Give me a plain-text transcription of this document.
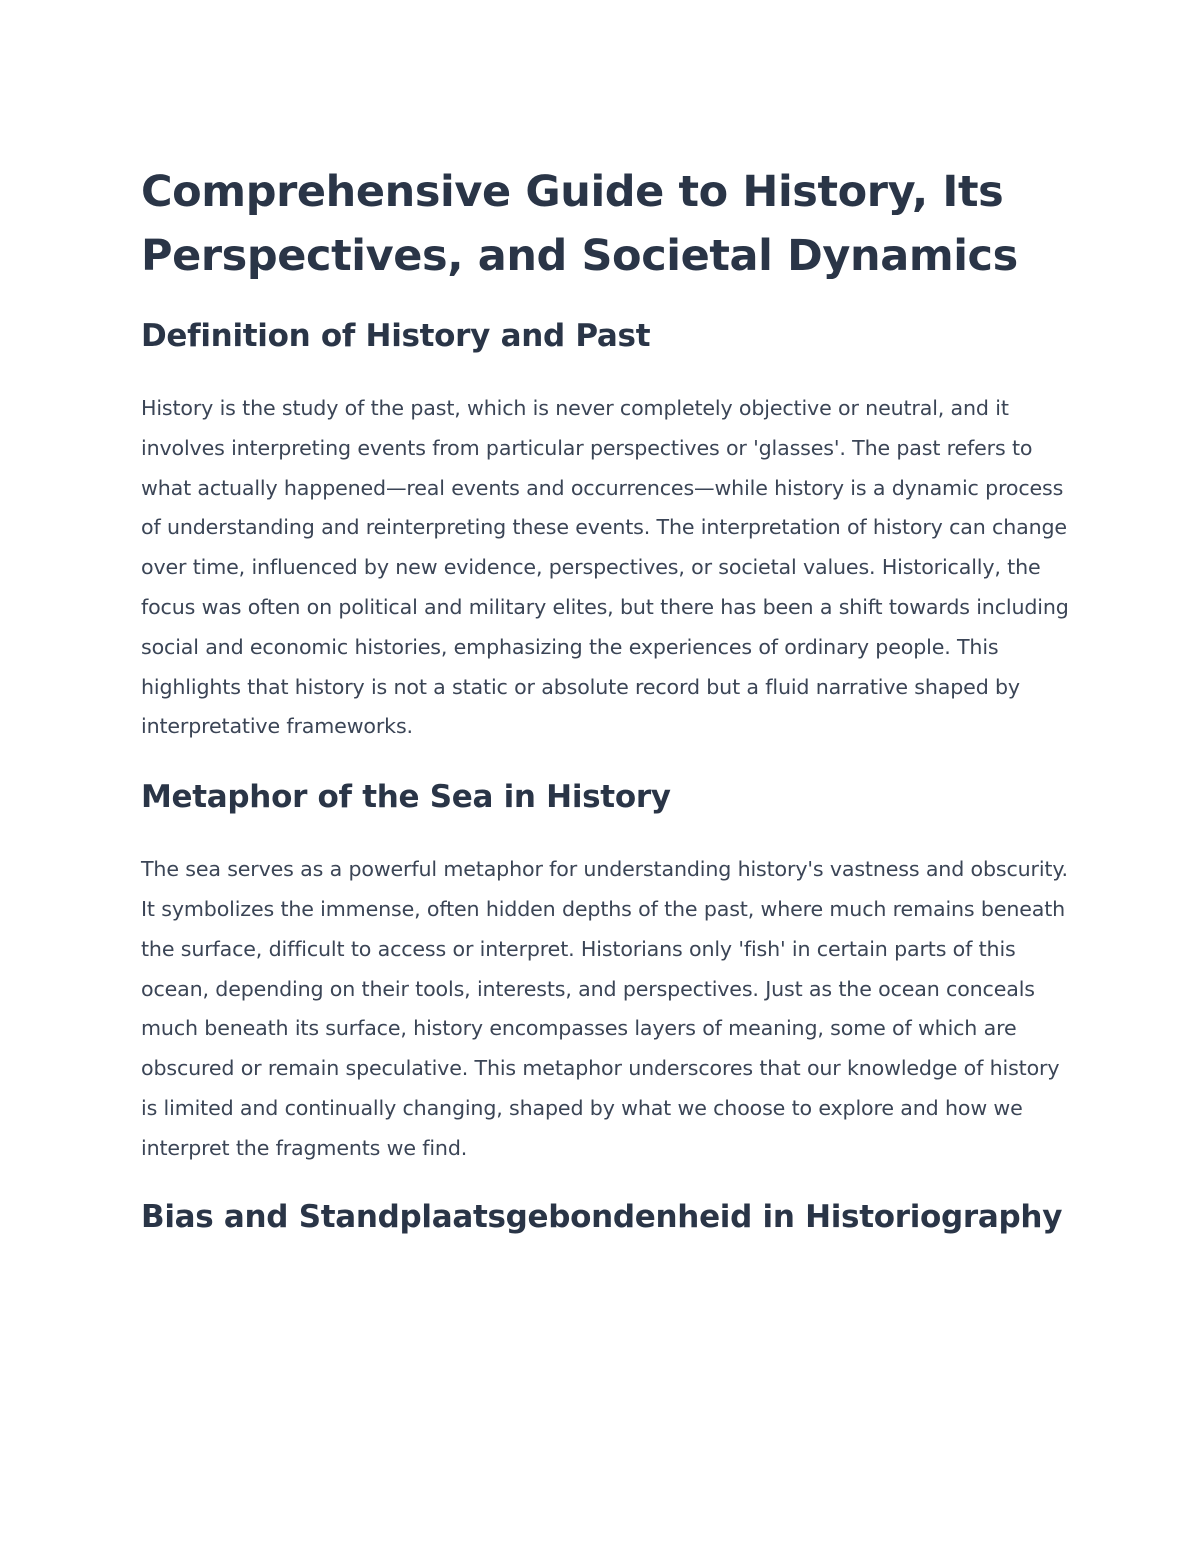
Comprehensive Guide to History, Its Perspectives, and Societal Dynamics
Definition of History and Past

History is the study of the past, which is never completely objective or neutral, and it involves interpreting events from particular perspectives or 'glasses'. The past refers to what actually happened—real events and occurrences—while history is a dynamic process of understanding and reinterpreting these events. The interpretation of history can change over time, influenced by new evidence, perspectives, or societal values. Historically, the focus was often on political and military elites, but there has been a shift towards including social and economic histories, emphasizing the experiences of ordinary people. This highlights that history is not a static or absolute record but a fluid narrative shaped by interpretative frameworks.

Metaphor of the Sea in History

The sea serves as a powerful metaphor for understanding history's vastness and obscurity. It symbolizes the immense, often hidden depths of the past, where much remains beneath the surface, difficult to access or interpret. Historians only 'fish' in certain parts of this ocean, depending on their tools, interests, and perspectives. Just as the ocean conceals much beneath its surface, history encompasses layers of meaning, some of which are obscured or remain speculative. This metaphor underscores that our knowledge of history is limited and continually changing, shaped by what we choose to explore and how we interpret the fragments we find.

Bias and Standplaatsgebondenheid in Historiography
